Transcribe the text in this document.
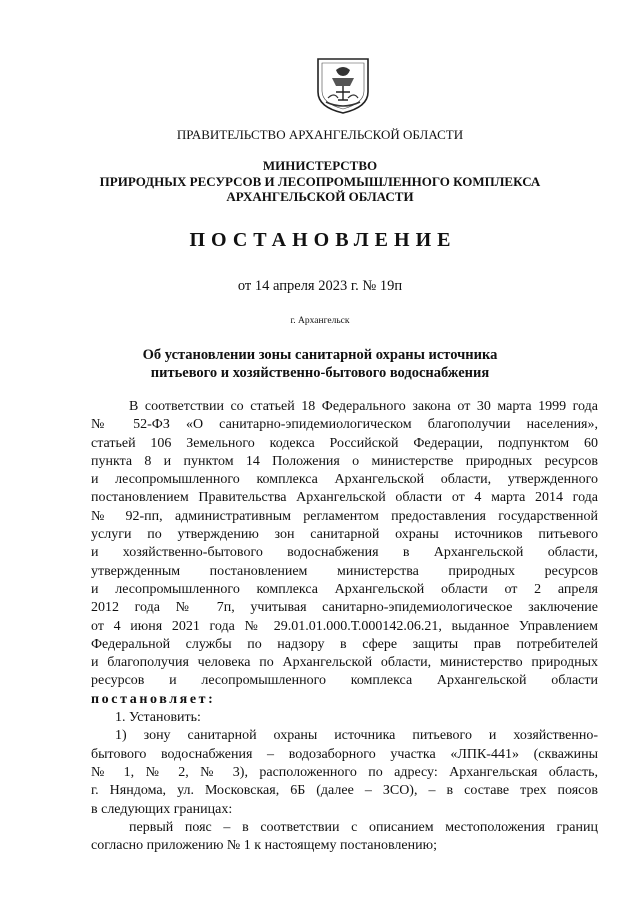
ПРАВИТЕЛЬСТВО АРХАНГЕЛЬСКОЙ ОБЛАСТИ
МИНИСТЕРСТВО
ПРИРОДНЫХ РЕСУРСОВ И ЛЕСОПРОМЫШЛЕННОГО КОМПЛЕКСА
АРХАНГЕЛЬСКОЙ ОБЛАСТИ
ПОСТАНОВЛЕНИЕ
от 14 апреля 2023 г. № 19п
г. Архангельск
Об установлении зоны санитарной охраны источника
питьевого и хозяйственно-бытового водоснабжения
В соответствии со статьей 18 Федерального закона от 30 марта 1999 года
№ 52-ФЗ «О санитарно-эпидемиологическом благополучии населения»,
статьей 106 Земельного кодекса Российской Федерации, подпунктом 60
пункта 8 и пунктом 14 Положения о министерстве природных ресурсов
и лесопромышленного комплекса Архангельской области, утвержденного
постановлением Правительства Архангельской области от 4 марта 2014 года
№ 92-пп, административным регламентом предоставления государственной
услуги по утверждению зон санитарной охраны источников питьевого
и хозяйственно-бытового водоснабжения в Архангельской области,
утвержденным постановлением министерства природных ресурсов
и лесопромышленного комплекса Архангельской области от 2 апреля
2012 года № 7п, учитывая санитарно-эпидемиологическое заключение
от 4 июня 2021 года № 29.01.01.000.Т.000142.06.21, выданное Управлением
Федеральной службы по надзору в сфере защиты прав потребителей
и благополучия человека по Архангельской области, министерство природных
ресурсов и лесопромышленного комплекса Архангельской области
постановляет:
1. Установить:
1) зону санитарной охраны источника питьевого и хозяйственно-
бытового водоснабжения – водозаборного участка «ЛПК-441» (скважины
№ 1, № 2, № 3), расположенного по адресу: Архангельская область,
г. Няндома, ул. Московская, 6Б (далее – ЗСО), – в составе трех поясов
в следующих границах:
первый пояс – в соответствии с описанием местоположения границ
согласно приложению № 1 к настоящему постановлению;
